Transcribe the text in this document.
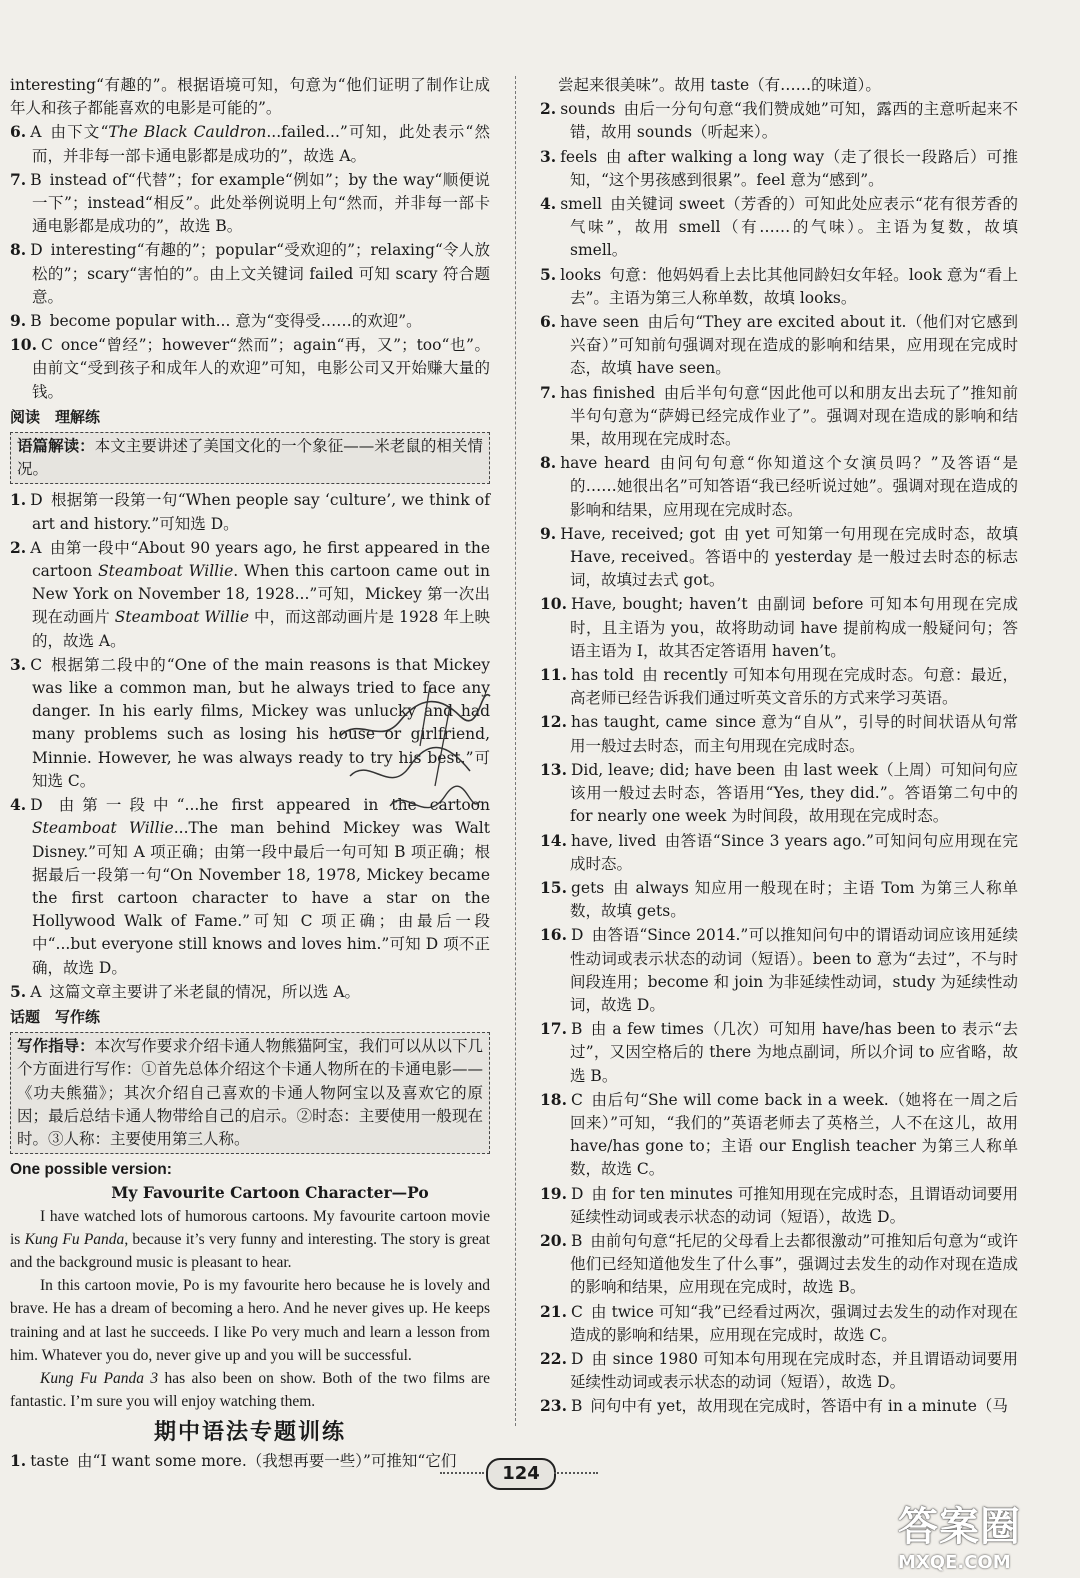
interesting“有趣的”。根据语境可知，句意为“他们证明了制作让成年人和孩子都能喜欢的电影是可能的”。
6. A 由下文“The Black Cauldron...failed...”可知，此处表示“然而，并非每一部卡通电影都是成功的”，故选 A。
7. B instead of“代替”；for example“例如”；by the way“顺便说一下”；instead“相反”。此处举例说明上句“然而，并非每一部卡通电影都是成功的”，故选 B。
8. D interesting“有趣的”；popular“受欢迎的”；relaxing“令人放松的”；scary“害怕的”。由上文关键词 failed 可知 scary 符合题意。
9. B become popular with... 意为“变得受……的欢迎”。
10. C once“曾经”；however“然而”；again“再，又”；too“也”。由前文“受到孩子和成年人的欢迎”可知，电影公司又开始赚大量的钱。
阅读　理解练
语篇解读：本文主要讲述了美国文化的一个象征——米老鼠的相关情况。
1. D 根据第一段第一句“When people say ‘culture’, we think of art and history.”可知选 D。
2. A 由第一段中“About 90 years ago, he first appeared in the cartoon Steamboat Willie. When this cartoon came out in New York on November 18, 1928...”可知，Mickey 第一次出现在动画片 Steamboat Willie 中，而这部动画片是 1928 年上映的，故选 A。
3. C 根据第二段中的“One of the main reasons is that Mickey was like a common man, but he always tried to face any danger. In his early films, Mickey was unlucky and had many problems such as losing his house or girlfriend, Minnie. However, he was always ready to try his best.”可知选 C。
4. D 由第一段中“...he first appeared in the cartoon Steamboat Willie...The man behind Mickey was Walt Disney.”可知 A 项正确；由第一段中最后一句可知 B 项正确；根据最后一段第一句“On November 18, 1978, Mickey became the first cartoon character to have a star on the Hollywood Walk of Fame.”可知 C 项正确；由最后一段中“...but everyone still knows and loves him.”可知 D 项不正确，故选 D。
5. A 这篇文章主要讲了米老鼠的情况，所以选 A。
话题　写作练
写作指导：本次写作要求介绍卡通人物熊猫阿宝，我们可以从以下几个方面进行写作：①首先总体介绍这个卡通人物所在的卡通电影——《功夫熊猫》；其次介绍自己喜欢的卡通人物阿宝以及喜欢它的原因；最后总结卡通人物带给自己的启示。②时态：主要使用一般现在时。③人称：主要使用第三人称。
One possible version:
My Favourite Cartoon Character—Po
I have watched lots of humorous cartoons. My favourite cartoon movie is Kung Fu Panda, because it’s very funny and interesting. The story is great and the background music is pleasant to hear.
In this cartoon movie, Po is my favourite hero because he is lovely and brave. He has a dream of becoming a hero. And he never gives up. He keeps training and at last he succeeds. I like Po very much and learn a lesson from him. Whatever you do, never give up and you will be successful.
Kung Fu Panda 3 has also been on show. Both of the two films are fantastic. I’m sure you will enjoy watching them.
期中语法专题训练
1. taste 由“I want some more.（我想再要一些）”可推知“它们
尝起来很美味”。故用 taste（有……的味道）。
2. sounds 由后一分句句意“我们赞成她”可知，露西的主意听起来不错，故用 sounds（听起来）。
3. feels 由 after walking a long way（走了很长一段路后）可推知，“这个男孩感到很累”。feel 意为“感到”。
4. smell 由关键词 sweet（芳香的）可知此处应表示“花有很芳香的气味”，故用 smell（有……的气味）。主语为复数，故填 smell。
5. looks 句意：他妈妈看上去比其他同龄妇女年轻。look 意为“看上去”。主语为第三人称单数，故填 looks。
6. have seen 由后句“They are excited about it.（他们对它感到兴奋）”可知前句强调对现在造成的影响和结果，应用现在完成时态，故填 have seen。
7. has finished 由后半句句意“因此他可以和朋友出去玩了”推知前半句句意为“萨姆已经完成作业了”。强调对现在造成的影响和结果，故用现在完成时态。
8. have heard 由问句句意“你知道这个女演员吗？”及答语“是的……她很出名”可知答语“我已经听说过她”。强调对现在造成的影响和结果，应用现在完成时态。
9. Have, received; got 由 yet 可知第一句用现在完成时态，故填 Have, received。答语中的 yesterday 是一般过去时态的标志词，故填过去式 got。
10. Have, bought; haven’t 由副词 before 可知本句用现在完成时，且主语为 you，故将助动词 have 提前构成一般疑问句；答语主语为 I，故其否定答语用 haven’t。
11. has told 由 recently 可知本句用现在完成时态。句意：最近，高老师已经告诉我们通过听英文音乐的方式来学习英语。
12. has taught, came since 意为“自从”，引导的时间状语从句常用一般过去时态，而主句用现在完成时态。
13. Did, leave; did; have been 由 last week（上周）可知问句应该用一般过去时态，答语用“Yes, they did.”。答语第二句中的 for nearly one week 为时间段，故用现在完成时态。
14. have, lived 由答语“Since 3 years ago.”可知问句应用现在完成时态。
15. gets 由 always 知应用一般现在时；主语 Tom 为第三人称单数，故填 gets。
16. D 由答语“Since 2014.”可以推知问句中的谓语动词应该用延续性动词或表示状态的动词（短语）。been to 意为“去过”，不与时间段连用；become 和 join 为非延续性动词，study 为延续性动词，故选 D。
17. B 由 a few times（几次）可知用 have/has been to 表示“去过”，又因空格后的 there 为地点副词，所以介词 to 应省略，故选 B。
18. C 由后句“She will come back in a week.（她将在一周之后回来）”可知，“我们的”英语老师去了英格兰，人不在这儿，故用 have/has gone to；主语 our English teacher 为第三人称单数，故选 C。
19. D 由 for ten minutes 可推知用现在完成时态，且谓语动词要用延续性动词或表示状态的动词（短语），故选 D。
20. B 由前句句意“托尼的父母看上去都很激动”可推知后句意为“或许他们已经知道他发生了什么事”，强调过去发生的动作对现在造成的影响和结果，应用现在完成时，故选 B。
21. C 由 twice 可知“我”已经看过两次，强调过去发生的动作对现在造成的影响和结果，应用现在完成时，故选 C。
22. D 由 since 1980 可知本句用现在完成时态，并且谓语动词要用延续性动词或表示状态的动词（短语），故选 D。
23. B 问句中有 yet，故用现在完成时，答语中有 in a minute（马
124
答案圈
MXQE.COM
